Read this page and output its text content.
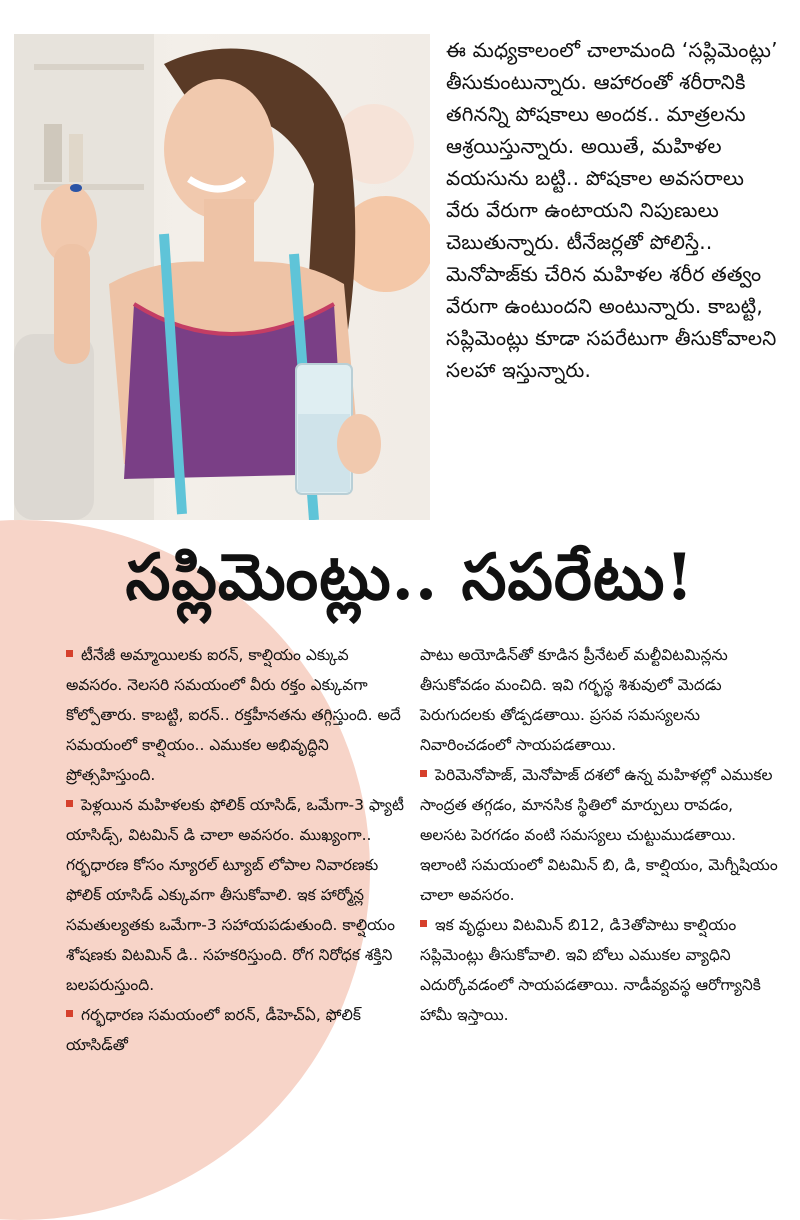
ఈ మధ్యకాలంలో చాలామంది ‘సప్లిమెంట్లు’ తీసుకుంటున్నారు. ఆహారంతో శరీరానికి తగినన్ని పోషకాలు అందక.. మాత్రలను ఆశ్రయిస్తున్నారు. అయితే, మహిళల వయసును బట్టి.. పోషకాల అవసరాలు వేరు వేరుగా ఉంటాయని నిపుణులు చెబుతున్నారు. టీనేజర్లతో పోలిస్తే.. మెనోపాజ్‌కు చేరిన మహిళల శరీర తత్వం వేరుగా ఉంటుందని అంటున్నారు. కాబట్టి, సప్లిమెంట్లు కూడా సపరేటుగా తీసుకోవాలని సలహా ఇస్తున్నారు.

సప్లిమెంట్లు.. సపరేటు!

టీనేజీ అమ్మాయిలకు ఐరన్, కాల్షియం ఎక్కువ అవసరం. నెలసరి సమయంలో వీరు రక్తం ఎక్కువగా కోల్పోతారు. కాబట్టి, ఐరన్.. రక్తహీనతను తగ్గిస్తుంది. అదే సమయంలో కాల్షియం.. ఎముకల అభివృద్ధిని ప్రోత్సహిస్తుంది.

పెళ్లయిన మహిళలకు ఫోలిక్ యాసిడ్, ఒమేగా-3 ఫ్యాటీ యాసిడ్స్, విటమిన్ డి చాలా అవసరం. ముఖ్యంగా.. గర్భధారణ కోసం న్యూరల్ ట్యూబ్ లోపాల నివారణకు ఫోలిక్ యాసిడ్ ఎక్కువగా తీసుకోవాలి. ఇక హార్మోన్ల సమతుల్యతకు ఒమేగా-3 సహాయపడుతుంది. కాల్షియం శోషణకు విటమిన్ డి.. సహకరిస్తుంది. రోగ నిరోధక శక్తిని బలపరుస్తుంది.

గర్భధారణ సమయంలో ఐరన్, డీహెచ్‌ఏ, ఫోలిక్ యాసిడ్‌తో

పాటు అయోడిన్‌తో కూడిన ప్రీనేటల్ మల్టీవిటమిన్లను తీసుకోవడం మంచిది. ఇవి గర్భస్థ శిశువులో మెదడు పెరుగుదలకు తోడ్పడతాయి. ప్రసవ సమస్యలను నివారించడంలో సాయపడతాయి.

పెరిమెనోపాజ్, మెనోపాజ్ దశలో ఉన్న మహిళల్లో ఎముకల సాంద్రత తగ్గడం, మానసిక స్థితిలో మార్పులు రావడం, అలసట పెరగడం వంటి సమస్యలు చుట్టుముడతాయి. ఇలాంటి సమయంలో విటమిన్ బి, డి, కాల్షియం, మెగ్నీషియం చాలా అవసరం.

ఇక వృద్ధులు విటమిన్ బి12, డి3తోపాటు కాల్షియం సప్లిమెంట్లు తీసుకోవాలి. ఇవి బోలు ఎముకల వ్యాధిని ఎదుర్కోవడంలో సాయపడతాయి. నాడీవ్యవస్థ ఆరోగ్యానికి హామీ ఇస్తాయి.
